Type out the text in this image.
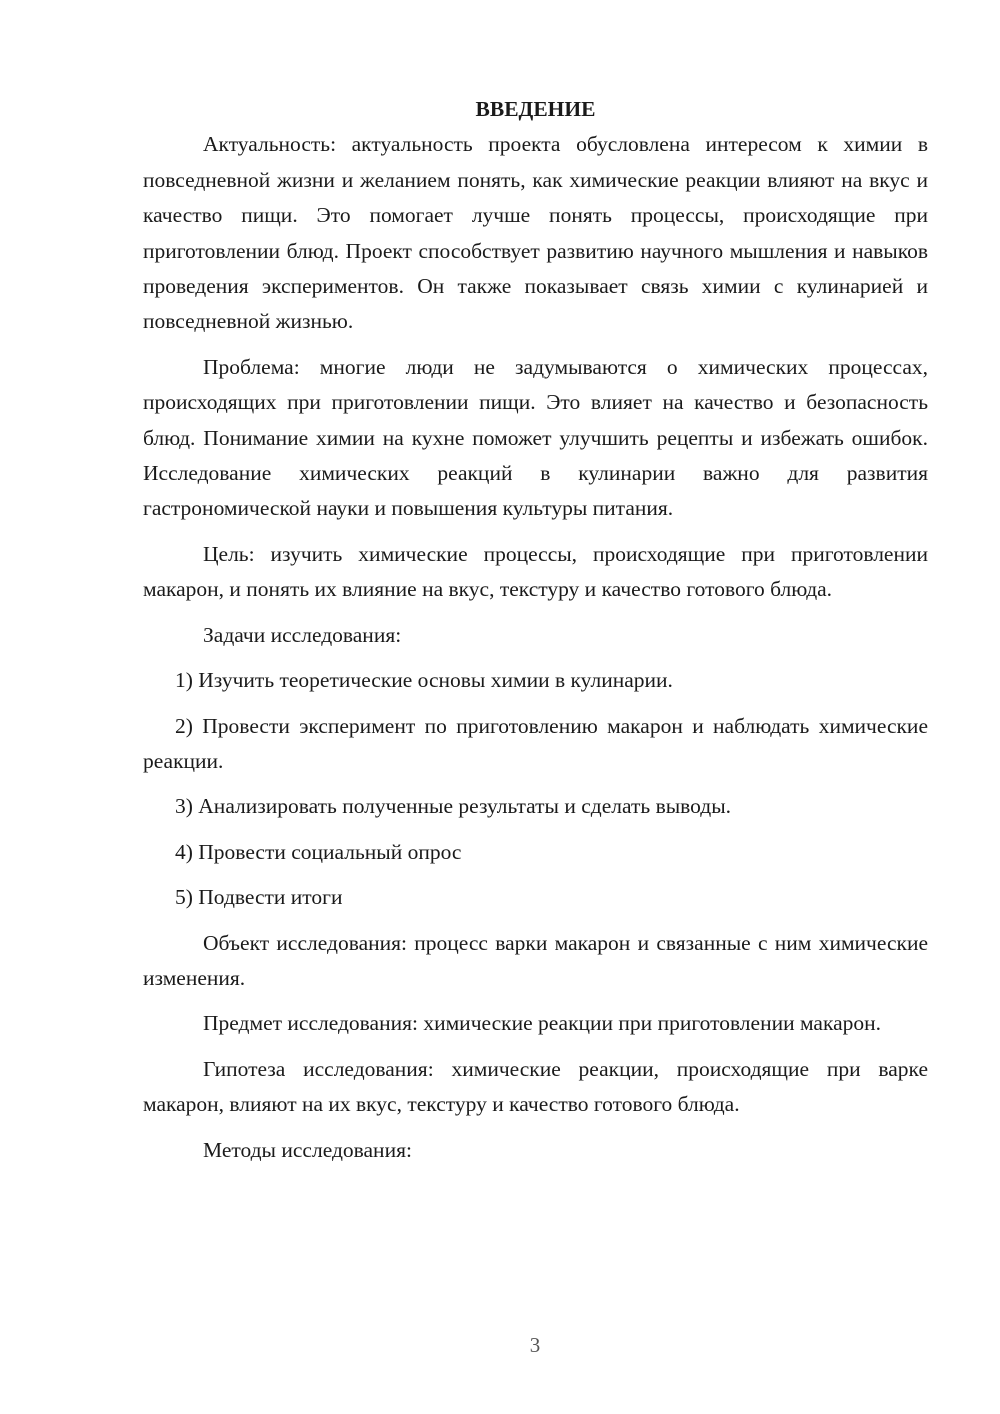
ВВЕДЕНИЕ

Актуальность: актуальность проекта обусловлена интересом к химии в повседневной жизни и желанием понять, как химические реакции влияют на вкус и качество пищи. Это помогает лучше понять процессы, происходящие при приготовлении блюд. Проект способствует развитию научного мышления и навыков проведения экспериментов. Он также показывает связь химии с кулинарией и повседневной жизнью.

Проблема: многие люди не задумываются о химических процессах, происходящих при приготовлении пищи. Это влияет на качество и безопасность блюд. Понимание химии на кухне поможет улучшить рецепты и избежать ошибок. Исследование химических реакций в кулинарии важно для развития гастрономической науки и повышения культуры питания.

Цель: изучить химические процессы, происходящие при приготовлении макарон, и понять их влияние на вкус, текстуру и качество готового блюда.

Задачи исследования:

1) Изучить теоретические основы химии в кулинарии.

2) Провести эксперимент по приготовлению макарон и наблюдать химические реакции.

3) Анализировать полученные результаты и сделать выводы.

4) Провести социальный опрос

5) Подвести итоги

Объект исследования: процесс варки макарон и связанные с ним химические изменения.

Предмет исследования: химические реакции при приготовлении макарон.

Гипотеза исследования: химические реакции, происходящие при варке макарон, влияют на их вкус, текстуру и качество готового блюда.

Методы исследования:

3
